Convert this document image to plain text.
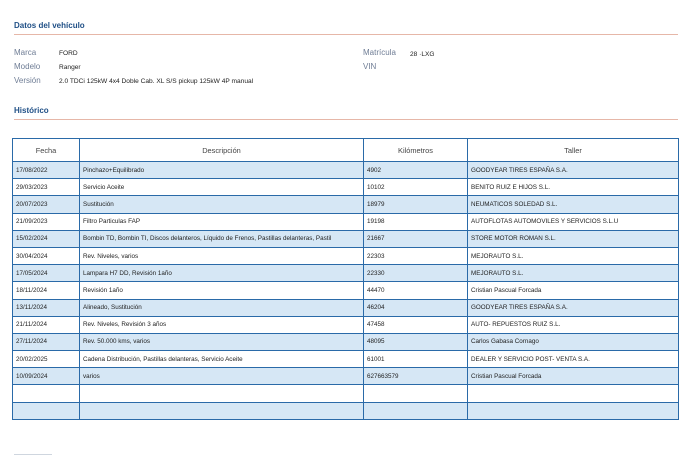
Datos del vehículo
Marca	FORD
Modelo	Ranger
Versión	2.0 TDCi 125kW 4x4 Doble Cab. XL S/S pickup 125kW 4P manual
Matrícula 28 ·LXG
VIN
Histórico
Fecha	Descripción	Kilómetros	Taller
17/08/2022	Pinchazo+Equilibrado	4902	GOODYEAR TIRES ESPAÑA S.A.
29/03/2023	Servicio Aceite	10102	BENITO RUIZ E HIJOS S.L.
20/07/2023	Sustitución	18979	NEUMATICOS SOLEDAD S.L.
21/09/2023	Filtro Particulas FAP	19198	AUTOFLOTAS AUTOMOVILES Y SERVICIOS S.L.U
15/02/2024	Bombin TD, Bombin TI, Discos delanteros, Líquido de Frenos, Pastillas delanteras, Pastil	21667	STORE MOTOR ROMAN S.L.
30/04/2024	Rev. Niveles, varios	22303	MEJORAUTO S.L.
17/05/2024	Lampara H7 DD, Revisión 1año	22330	MEJORAUTO S.L.
18/11/2024	Revisión 1año	44470	Cristian Pascual Forcada
13/11/2024	Alineado, Sustitución	46204	GOODYEAR TIRES ESPAÑA S.A.
21/11/2024	Rev. Niveles, Revisión 3 años	47458	AUTO- REPUESTOS RUIZ S.L.
27/11/2024	Rev. 50.000 kms, varios	48095	Carlos Gabasa Cornago
20/02/2025	Cadena Distribución, Pastillas delanteras, Servicio Aceite	61001	DEALER Y SERVICIO POST- VENTA S.A.
10/09/2024	varios	627663579	Cristian Pascual Forcada
